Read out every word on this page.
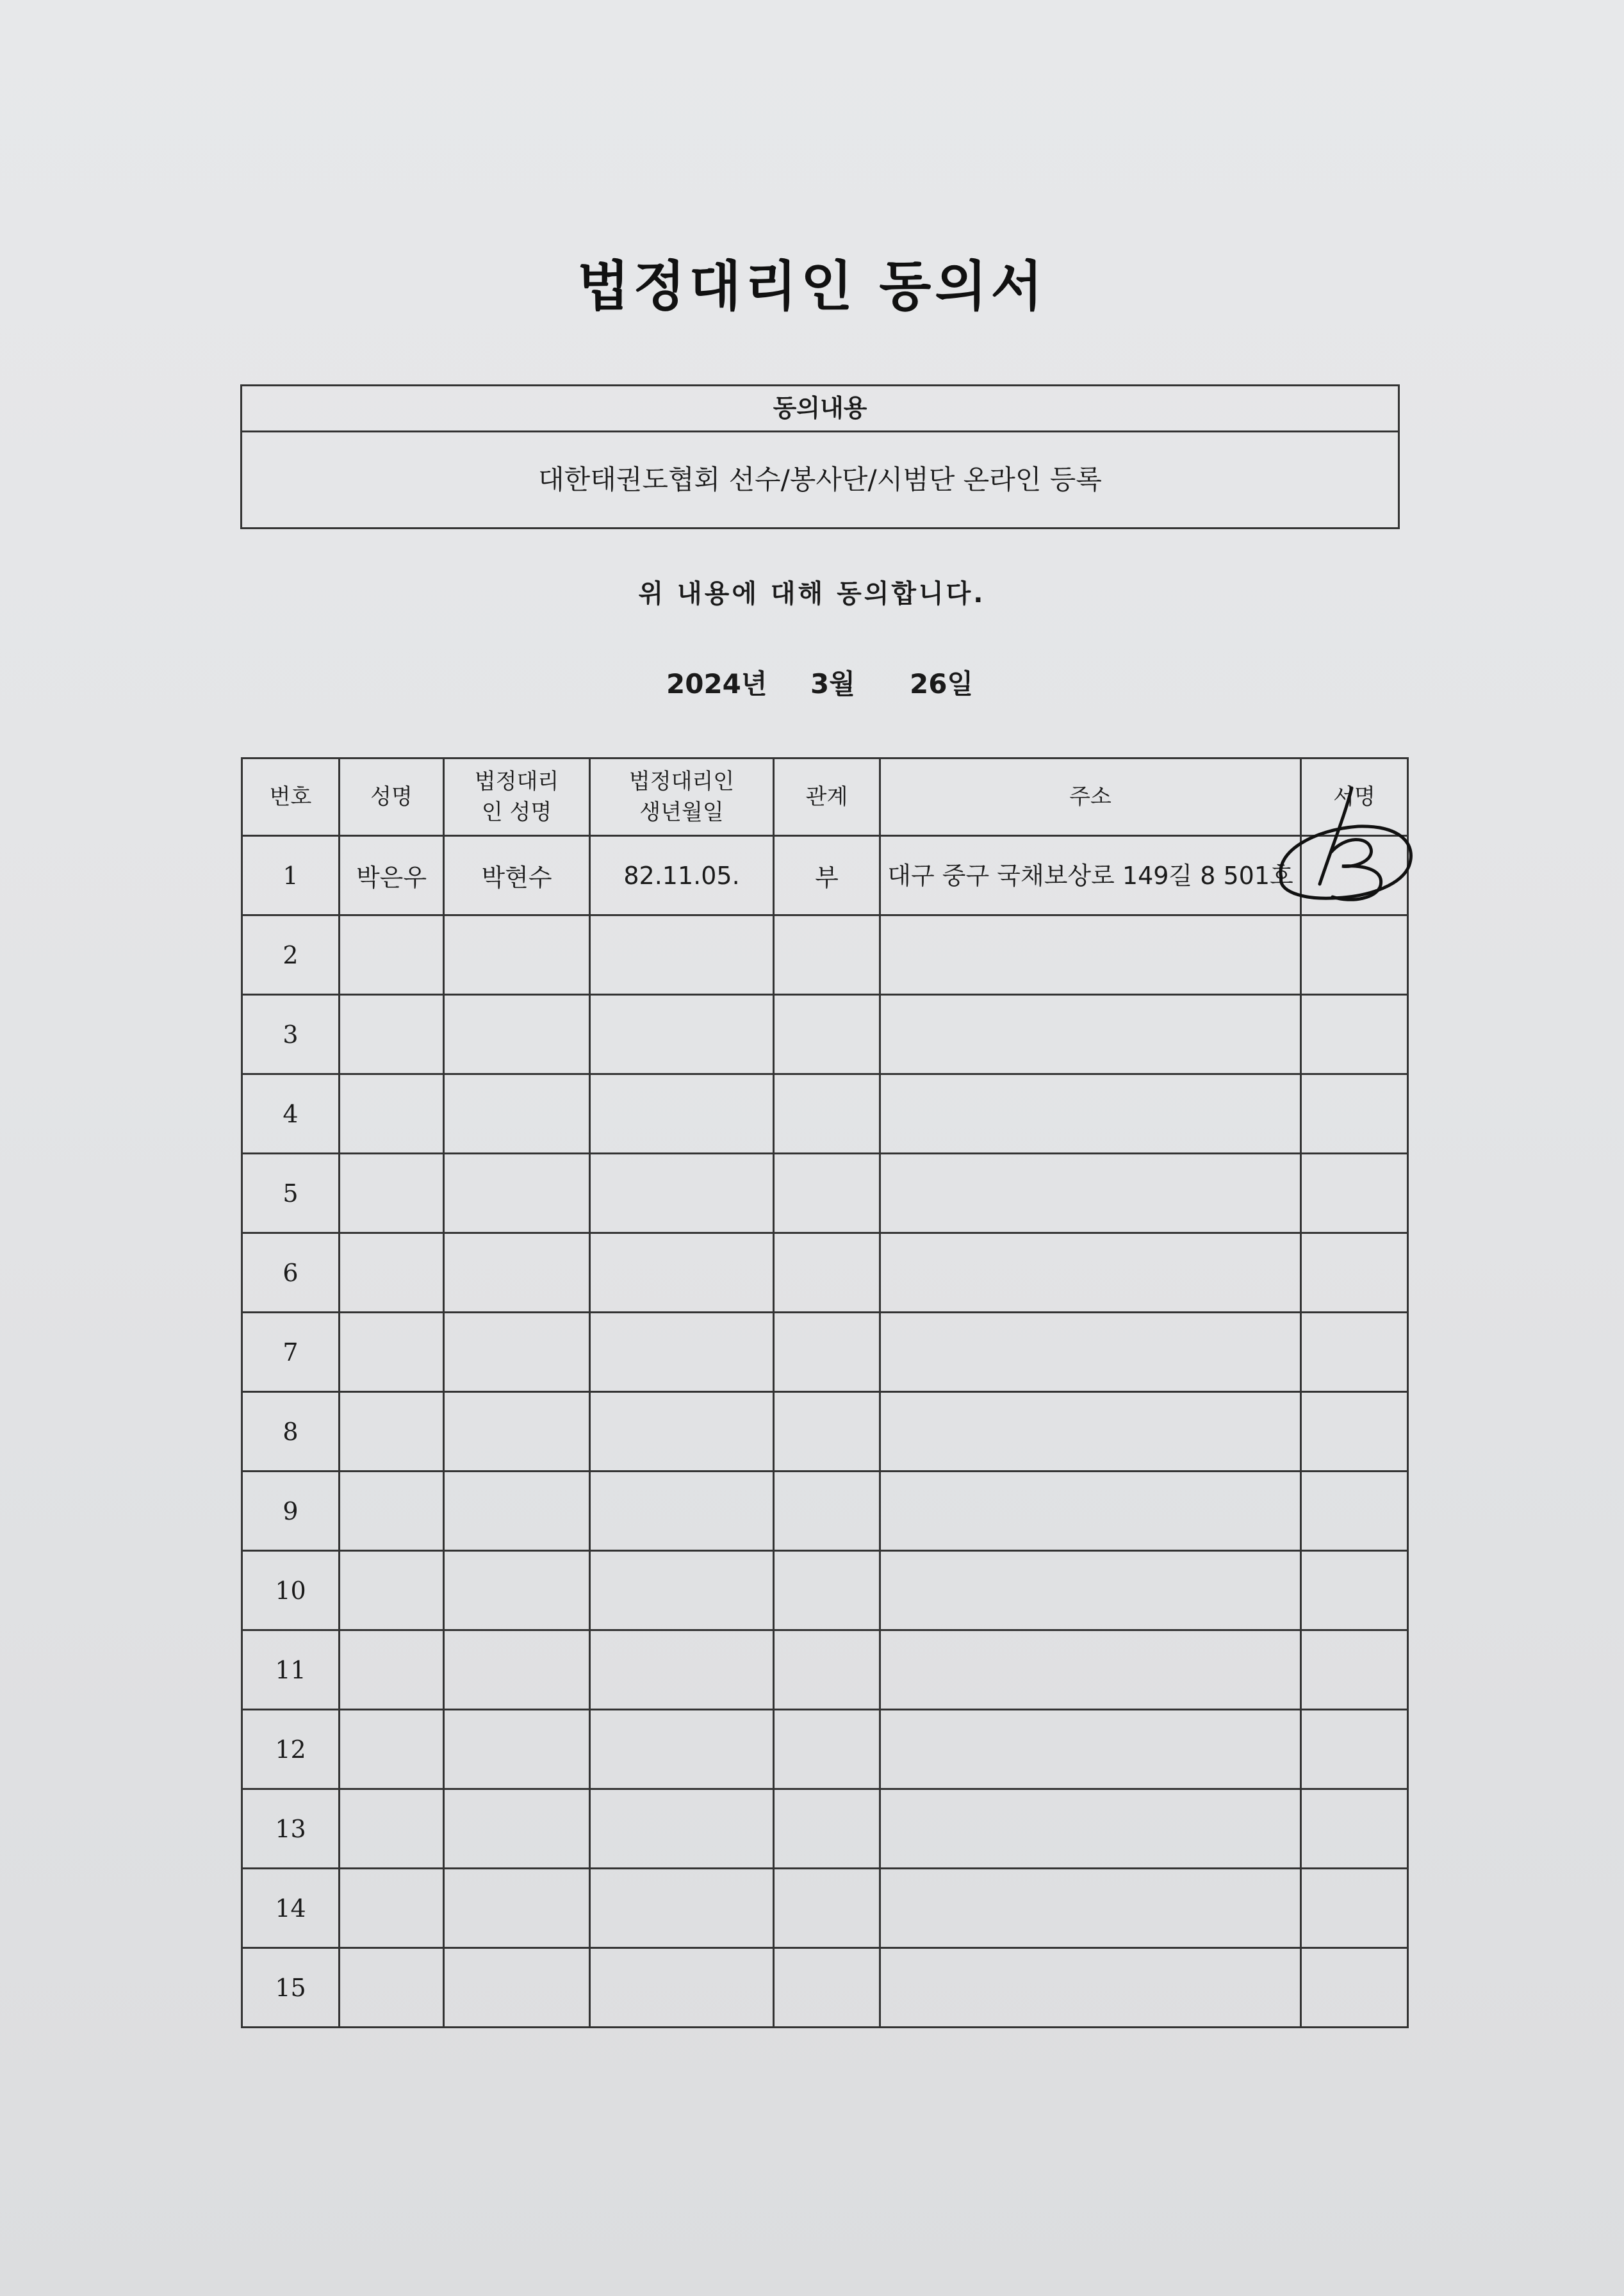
법정대리인 동의서
동의내용
대한태권도협회 선수/봉사단/시범단 온라인 등록
위 내용에 대해 동의합니다.
2024년 3월 26일
번호	성명	법정대리인 성명	법정대리인 생년월일	관계	주소	서명
1	박은우	박현수	82.11.05.	부	대구 중구 국채보상로 149길 8 501호	
2						
3						
4						
5						
6						
7						
8						
9						
10						
11						
12						
13						
14						
15						
